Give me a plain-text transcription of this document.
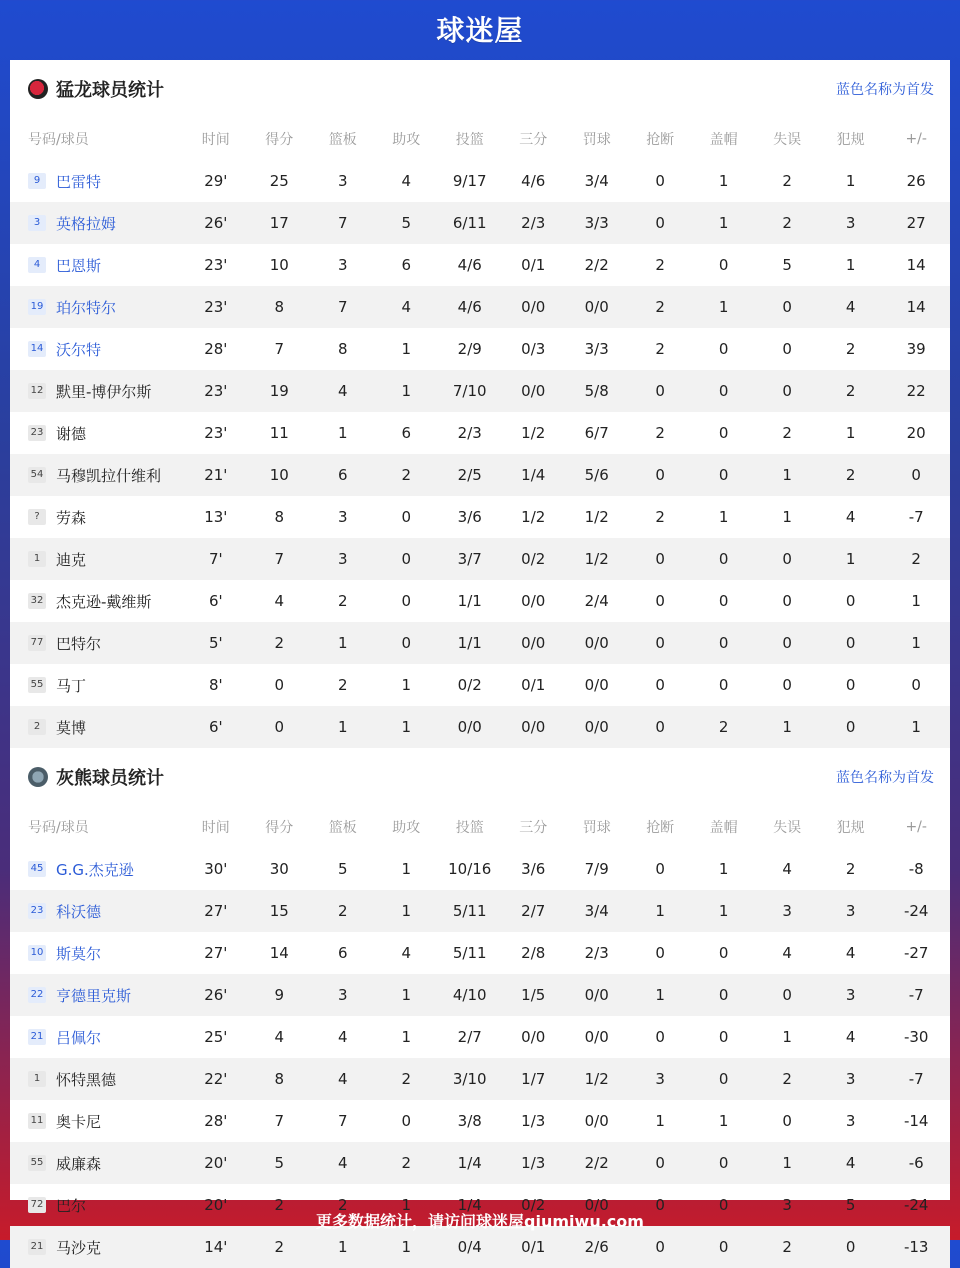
球迷屋
猛龙球员统计	蓝色名称为首发
号码/球员	时间	得分	篮板	助攻	投篮	三分	罚球	抢断	盖帽	失误	犯规	+/-
9 巴雷特	29'	25	3	4	9/17	4/6	3/4	0	1	2	1	26
3 英格拉姆	26'	17	7	5	6/11	2/3	3/3	0	1	2	3	27
4 巴恩斯	23'	10	3	6	4/6	0/1	2/2	2	0	5	1	14
19 珀尔特尔	23'	8	7	4	4/6	0/0	0/0	2	1	0	4	14
14 沃尔特	28'	7	8	1	2/9	0/3	3/3	2	0	0	2	39
12 默里-博伊尔斯	23'	19	4	1	7/10	0/0	5/8	0	0	0	2	22
23 谢德	23'	11	1	6	2/3	1/2	6/7	2	0	2	1	20
54 马穆凯拉什维利	21'	10	6	2	2/5	1/4	5/6	0	0	1	2	0
? 劳森	13'	8	3	0	3/6	1/2	1/2	2	1	1	4	-7
1 迪克	7'	7	3	0	3/7	0/2	1/2	0	0	0	1	2
32 杰克逊-戴维斯	6'	4	2	0	1/1	0/0	2/4	0	0	0	0	1
77 巴特尔	5'	2	1	0	1/1	0/0	0/0	0	0	0	0	1
55 马丁	8'	0	2	1	0/2	0/1	0/0	0	0	0	0	0
2 莫博	6'	0	1	1	0/0	0/0	0/0	0	2	1	0	1
灰熊球员统计	蓝色名称为首发
号码/球员	时间	得分	篮板	助攻	投篮	三分	罚球	抢断	盖帽	失误	犯规	+/-
45 G.G.杰克逊	30'	30	5	1	10/16	3/6	7/9	0	1	4	2	-8
23 科沃德	27'	15	2	1	5/11	2/7	3/4	1	1	3	3	-24
10 斯莫尔	27'	14	6	4	5/11	2/8	2/3	0	0	4	4	-27
22 亨德里克斯	26'	9	3	1	4/10	1/5	0/0	1	0	0	3	-7
21 吕佩尔	25'	4	4	1	2/7	0/0	0/0	0	0	1	4	-30
1 怀特黑德	22'	8	4	2	3/10	1/7	1/2	3	0	2	3	-7
11 奥卡尼	28'	7	7	0	3/8	1/3	0/0	1	1	0	3	-14
55 威廉森	20'	5	4	2	1/4	1/3	2/2	0	0	1	4	-6
72 巴尔	20'	2	2	1	1/4	0/2	0/0	0	0	3	5	-24
21 马沙克	14'	2	1	1	0/4	0/1	2/6	0	0	2	0	-13
更多数据统计，请访问球迷屋qiumiwu.com
